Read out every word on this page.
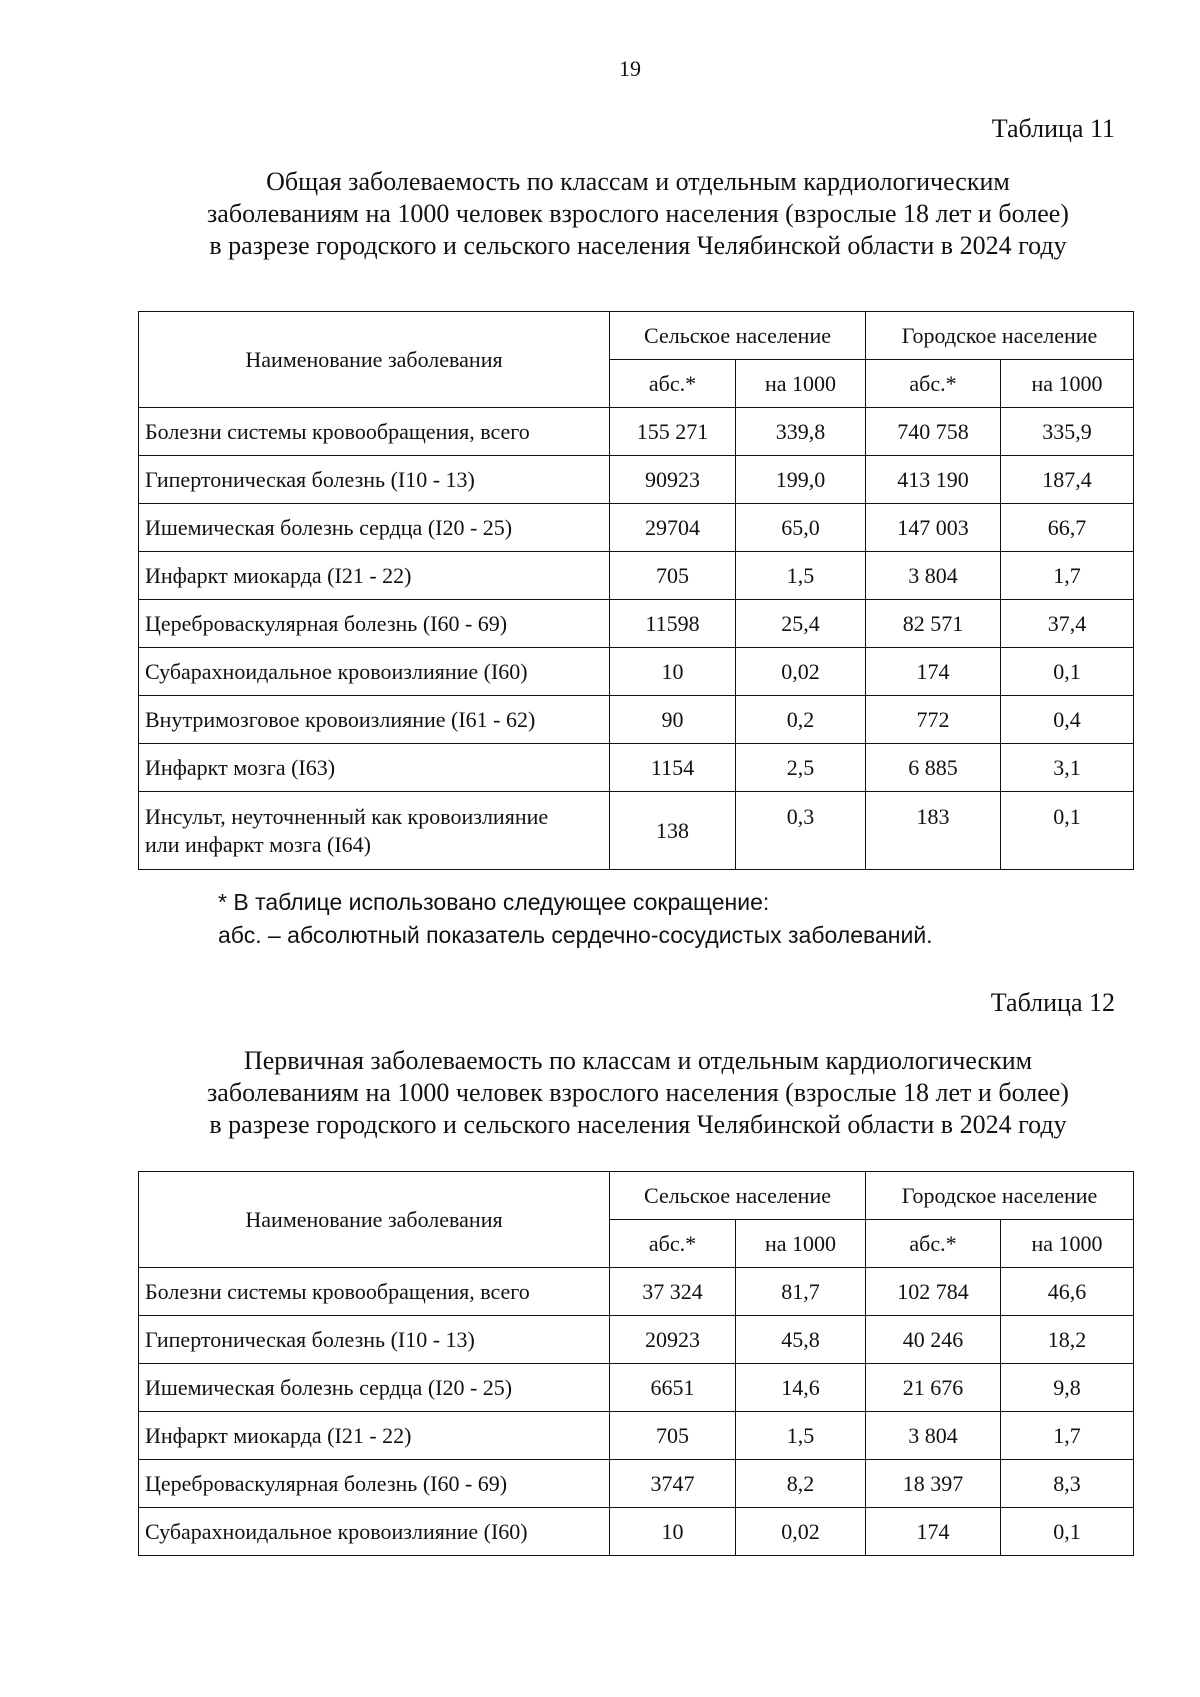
19
Таблица 11
Общая заболеваемость по классам и отдельным кардиологическим
заболеваниям на 1000 человек взрослого населения (взрослые 18 лет и более)
в разрезе городского и сельского населения Челябинской области в 2024 году
Наименование заболевания	Сельское население		Городское население	
	абс.*	на 1000	абс.*	на 1000
Болезни системы кровообращения, всего	155 271	339,8	740 758	335,9
Гипертоническая болезнь (I10 - 13)	90923	199,0	413 190	187,4
Ишемическая болезнь сердца (I20 - 25)	29704	65,0	147 003	66,7
Инфаркт миокарда (I21 - 22)	705	1,5	3 804	1,7
Цереброваскулярная болезнь (I60 - 69)	11598	25,4	82 571	37,4
Субарахноидальное кровоизлияние (I60)	10	0,02	174	0,1
Внутримозговое кровоизлияние (I61 - 62)	90	0,2	772	0,4
Инфаркт мозга (I63)	1154	2,5	6 885	3,1

Инсульт, неуточненный как кровоизлияние
или инфаркт мозга (I64)	138	0,3	183	0,1
* В таблице использовано следующее сокращение:
абс. – абсолютный показатель сердечно-сосудистых заболеваний.
Таблица 12
Первичная заболеваемость по классам и отдельным кардиологическим
заболеваниям на 1000 человек взрослого населения (взрослые 18 лет и более)
в разрезе городского и сельского населения Челябинской области в 2024 году
Наименование заболевания	Сельское население		Городское население	
	абс.*	на 1000	абс.*	на 1000
Болезни системы кровообращения, всего	37 324	81,7	102 784	46,6
Гипертоническая болезнь (I10 - 13)	20923	45,8	40 246	18,2
Ишемическая болезнь сердца (I20 - 25)	6651	14,6	21 676	9,8
Инфаркт миокарда (I21 - 22)	705	1,5	3 804	1,7
Цереброваскулярная болезнь (I60 - 69)	3747	8,2	18 397	8,3
Субарахноидальное кровоизлияние (I60)	10	0,02	174	0,1
